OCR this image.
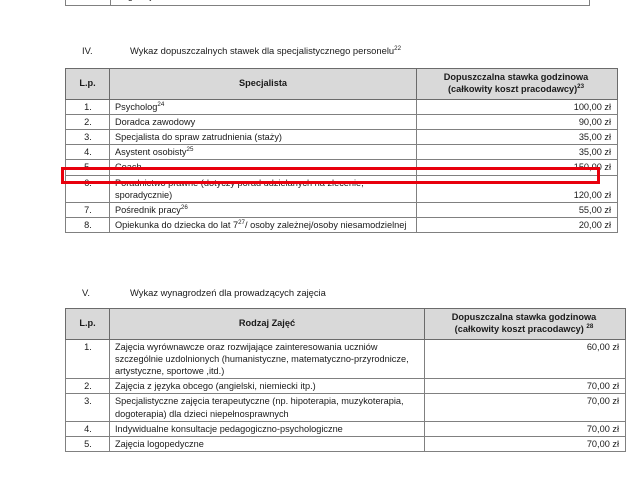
IV.	Wykaz dopuszczalnych stawek dla specjalistycznego personelu$^{22}$
L.p.	Specjalista	Dopuszczalna stawka godzinowa
(całkowity koszt pracodawcy)$^{23}$
1.	Psycholog$^{24}$	100,00 zł
2.	Doradca zawodowy	90,00 zł
3.	Specjalista do spraw zatrudnienia (staży)	35,00 zł
4.	Asystent osobisty$^{25}$	35,00 zł
5.	Coach	150,00 zł
6.	Poradnictwo prawne (dotyczy porad udzielanych na zlecenie, sporadycznie)	120,00 zł
7.	Pośrednik pracy$^{26}$	55,00 zł
8.	Opiekunka do dziecka do lat $7^{27}/$ osoby zależnej/osoby niesamodzielnej	20,00 zł
V.	Wykaz wynagrodzeń dla prowadzących zajęcia
L.p.	Rodzaj Zajęć	Dopuszczalna stawka godzinowa
(całkowity koszt pracodawcy) $^{28}$
1.	Zajęcia wyrównawcze oraz rozwijające zainteresowania uczniów szczególnie uzdolnionych (humanistyczne, matematyczno-przyrodnicze, artystyczne, sportowe ,itd.)	60,00 zł
2.	Zajęcia z języka obcego (angielski, niemiecki itp.)	70,00 zł
3.	Specjalistyczne zajęcia terapeutyczne (np. hipoterapia, muzykoterapia, dogoterapia) dla dzieci niepełnosprawnych	70,00 zł
4.	Indywidualne konsultacje pedagogiczno-psychologiczne	70,00 zł
5.	Zajęcia logopedyczne	70,00 zł
